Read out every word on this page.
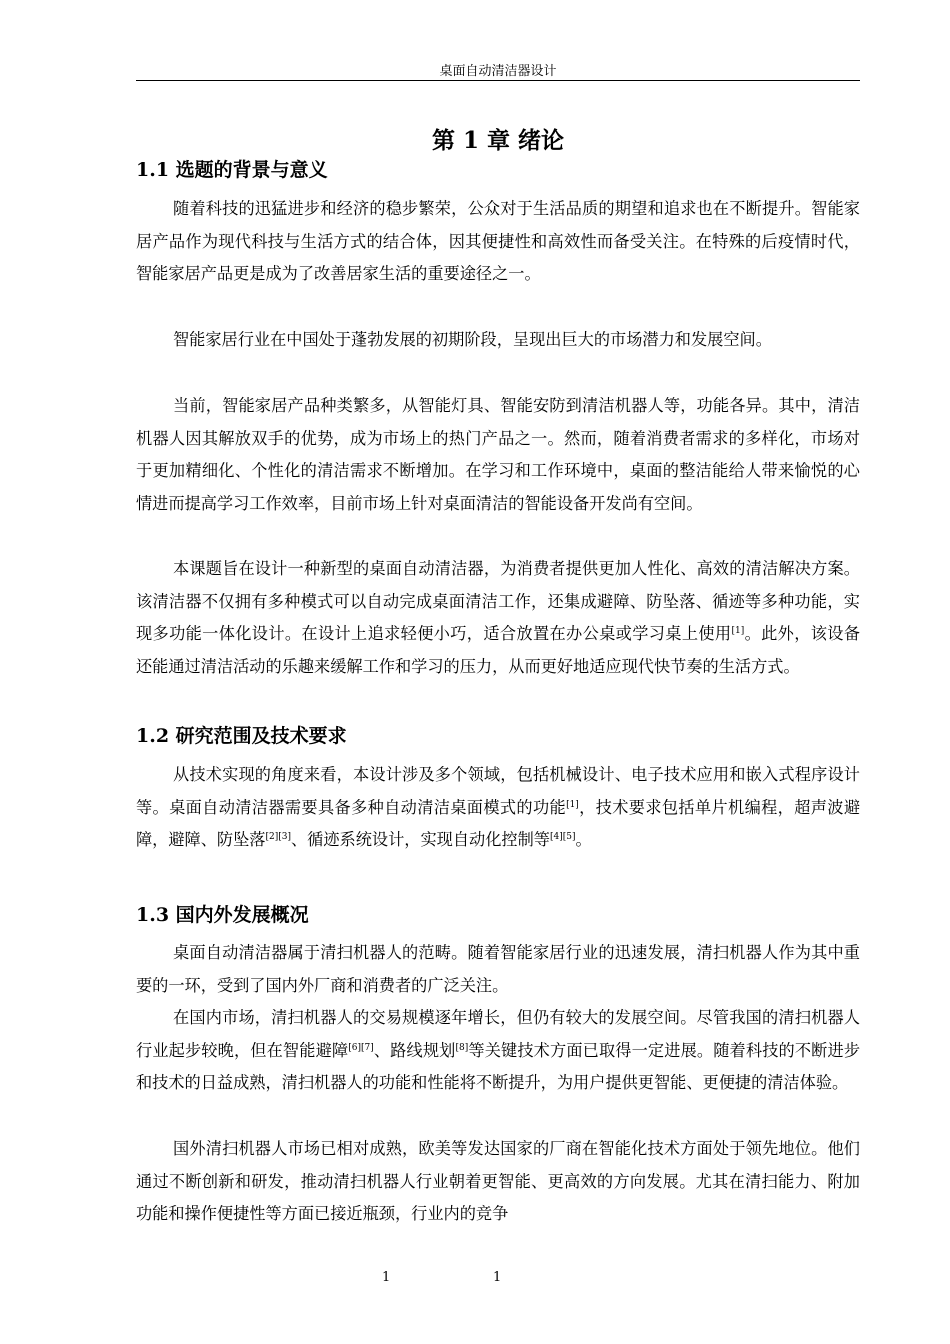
桌面自动清洁器设计
第 1 章 绪论
1.1 选题的背景与意义

随着科技的迅猛进步和经济的稳步繁荣，公众对于生活品质的期望和追求也在不断提升。智能家居产品作为现代科技与生活方式的结合体，因其便捷性和高效性而备受关注。在特殊的后疫情时代，智能家居产品更是成为了改善居家生活的重要途径之一。

智能家居行业在中国处于蓬勃发展的初期阶段，呈现出巨大的市场潜力和发展空间。

当前，智能家居产品种类繁多，从智能灯具、智能安防到清洁机器人等，功能各异。其中，清洁机器人因其解放双手的优势，成为市场上的热门产品之一。然而，随着消费者需求的多样化，市场对于更加精细化、个性化的清洁需求不断增加。在学习和工作环境中，桌面的整洁能给人带来愉悦的心情进而提高学习工作效率，目前市场上针对桌面清洁的智能设备开发尚有空间。

本课题旨在设计一种新型的桌面自动清洁器，为消费者提供更加人性化、高效的清洁解决方案。该清洁器不仅拥有多种模式可以自动完成桌面清洁工作，还集成避障、防坠落、循迹等多种功能，实现多功能一体化设计。在设计上追求轻便小巧，适合放置在办公桌或学习桌上使用[1]。此外，该设备还能通过清洁活动的乐趣来缓解工作和学习的压力，从而更好地适应现代快节奏的生活方式。

1.2 研究范围及技术要求

从技术实现的角度来看，本设计涉及多个领域，包括机械设计、电子技术应用和嵌入式程序设计等。桌面自动清洁器需要具备多种自动清洁桌面模式的功能[1]，技术要求包括单片机编程，超声波避障，避障、防坠落[2][3]、循迹系统设计，实现自动化控制等[4][5]。

1.3 国内外发展概况

桌面自动清洁器属于清扫机器人的范畴。随着智能家居行业的迅速发展，清扫机器人作为其中重要的一环，受到了国内外厂商和消费者的广泛关注。

在国内市场，清扫机器人的交易规模逐年增长，但仍有较大的发展空间。尽管我国的清扫机器人行业起步较晚，但在智能避障[6][7]、路线规划[8]等关键技术方面已取得一定进展。随着科技的不断进步和技术的日益成熟，清扫机器人的功能和性能将不断提升，为用户提供更智能、更便捷的清洁体验。

国外清扫机器人市场已相对成熟，欧美等发达国家的厂商在智能化技术方面处于领先地位。他们通过不断创新和研发，推动清扫机器人行业朝着更智能、更高效的方向发展。尤其在清扫能力、附加功能和操作便捷性等方面已接近瓶颈，行业内的竞争

1	1
